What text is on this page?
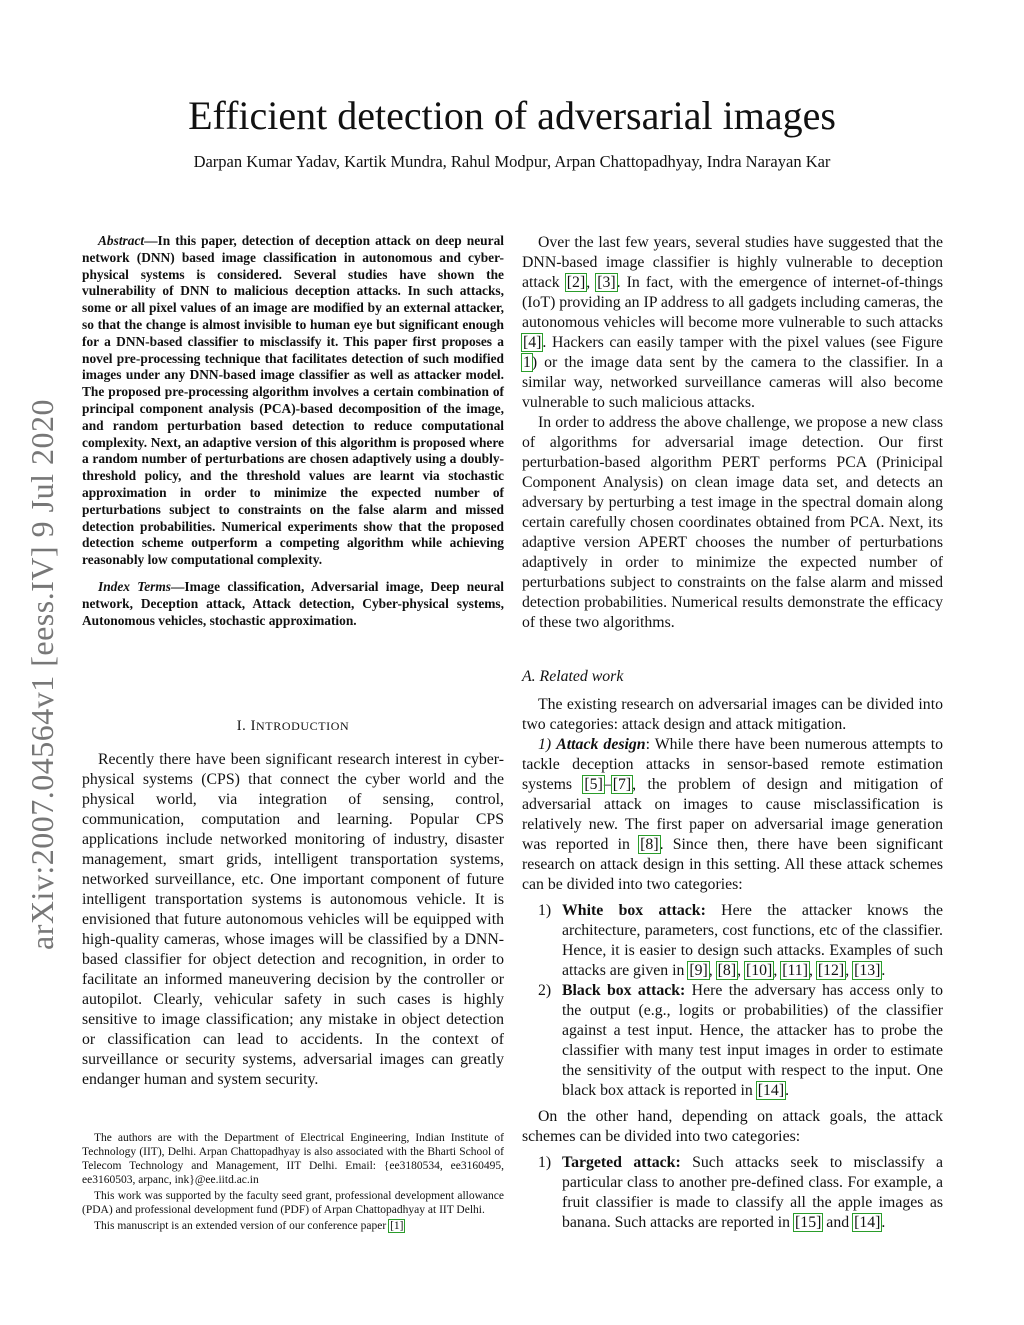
Efficient detection of adversarial images
Darpan Kumar Yadav, Kartik Mundra, Rahul Modpur, Arpan Chattopadhyay, Indra Narayan Kar
arXiv:2007.04564v1 [eess.IV] 9 Jul 2020

Abstract—In this paper, detection of deception attack on deep neural network (DNN) based image classification in autonomous and cyber-physical systems is considered. Several studies have shown the vulnerability of DNN to malicious deception attacks. In such attacks, some or all pixel values of an image are modified by an external attacker, so that the change is almost invisible to human eye but significant enough for a DNN-based classifier to misclassify it. This paper first proposes a novel pre-processing technique that facilitates detection of such modified images under any DNN-based image classifier as well as attacker model. The proposed pre-processing algorithm involves a certain combination of principal component analysis (PCA)-based decomposition of the image, and random perturbation based detection to reduce computational complexity. Next, an adaptive version of this algorithm is proposed where a random number of perturbations are chosen adaptively using a doubly-threshold policy, and the threshold values are learnt via stochastic approximation in order to minimize the expected number of perturbations subject to constraints on the false alarm and missed detection probabilities. Numerical experiments show that the proposed detection scheme outperform a competing algorithm while achieving reasonably low computational complexity.

Index Terms—Image classification, Adversarial image, Deep neural network, Deception attack, Attack detection, Cyber-physical systems, Autonomous vehicles, stochastic approximation.

I. INTRODUCTION

Recently there have been significant research interest in cyber-physical systems (CPS) that connect the cyber world and the physical world, via integration of sensing, control, communication, computation and learning. Popular CPS applications include networked monitoring of industry, disaster management, smart grids, intelligent transportation systems, networked surveillance, etc. One important component of future intelligent transportation systems is autonomous vehicle. It is envisioned that future autonomous vehicles will be equipped with high-quality cameras, whose images will be classified by a DNN-based classifier for object detection and recognition, in order to facilitate an informed maneuvering decision by the controller or autopilot. Clearly, vehicular safety in such cases is highly sensitive to image classification; any mistake in object detection or classification can lead to accidents. In the context of surveillance or security systems, adversarial images can greatly endanger human and system security.

The authors are with the Department of Electrical Engineering, Indian Institute of Technology (IIT), Delhi. Arpan Chattopadhyay is also associated with the Bharti School of Telecom Technology and Management, IIT Delhi. Email: {ee3180534, ee3160495, ee3160503, arpanc, ink}@ee.iitd.ac.in

This work was supported by the faculty seed grant, professional development allowance (PDA) and professional development fund (PDF) of Arpan Chattopadhyay at IIT Delhi.

This manuscript is an extended version of our conference paper [1]

Over the last few years, several studies have suggested that the DNN-based image classifier is highly vulnerable to deception attack [2], [3]. In fact, with the emergence of internet-of-things (IoT) providing an IP address to all gadgets including cameras, the autonomous vehicles will become more vulnerable to such attacks [4]. Hackers can easily tamper with the pixel values (see Figure 1) or the image data sent by the camera to the classifier. In a similar way, networked surveillance cameras will also become vulnerable to such malicious attacks.

In order to address the above challenge, we propose a new class of algorithms for adversarial image detection. Our first perturbation-based algorithm PERT performs PCA (Prinicipal Component Analysis) on clean image data set, and detects an adversary by perturbing a test image in the spectral domain along certain carefully chosen coordinates obtained from PCA. Next, its adaptive version APERT chooses the number of perturbations adaptively in order to minimize the expected number of perturbations subject to constraints on the false alarm and missed detection probabilities. Numerical results demonstrate the efficacy of these two algorithms.

A. Related work

The existing research on adversarial images can be divided into two categories: attack design and attack mitigation.

1) Attack design: While there have been numerous attempts to tackle deception attacks in sensor-based remote estimation systems [5]–[7], the problem of design and mitigation of adversarial attack on images to cause misclassification is relatively new. The first paper on adversarial image generation was reported in [8]. Since then, there have been significant research on attack design in this setting. All these attack schemes can be divided into two categories:

1) White box attack: Here the attacker knows the architecture, parameters, cost functions, etc of the classifier. Hence, it is easier to design such attacks. Examples of such attacks are given in [9], [8], [10], [11], [12], [13].
2) Black box attack: Here the adversary has access only to the output (e.g., logits or probabilities) of the classifier against a test input. Hence, the attacker has to probe the classifier with many test input images in order to estimate the sensitivity of the output with respect to the input. One black box attack is reported in [14].

On the other hand, depending on attack goals, the attack schemes can be divided into two categories:

1) Targeted attack: Such attacks seek to misclassify a particular class to another pre-defined class. For example, a fruit classifier is made to classify all the apple images as banana. Such attacks are reported in [15] and [14].
